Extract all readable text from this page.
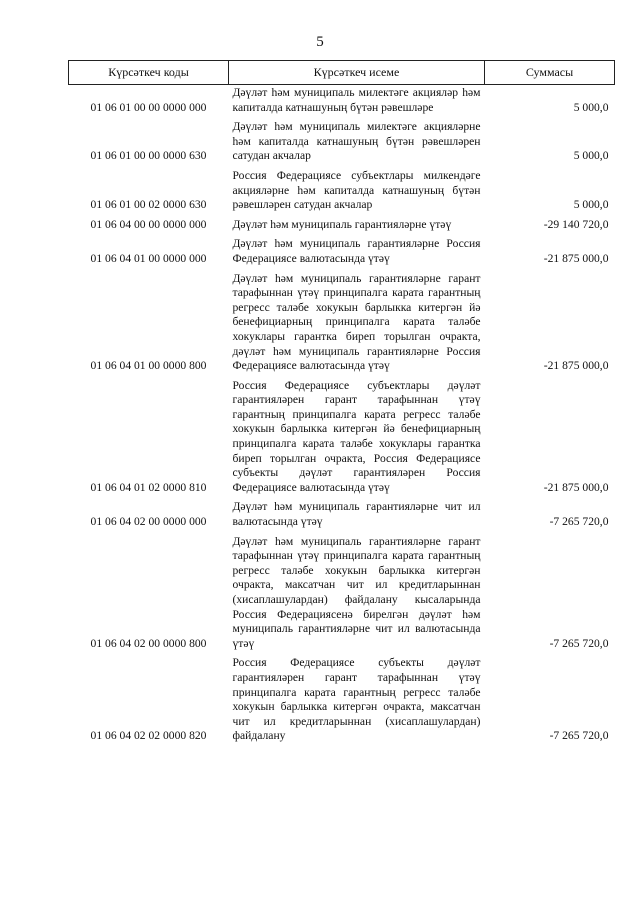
5
Күрсәткеч коды	Күрсәткеч исеме	Суммасы
01 06 01 00 00 0000 000	Дәүләт һәм муниципаль милектәге акцияләр һәм капиталда катнашуның бүтән рәвешләре	5 000,0
01 06 01 00 00 0000 630	Дәүләт һәм муниципаль милектәге акцияләрне һәм капиталда катнашуның бүтән рәвешләрен сатудан акчалар	5 000,0
01 06 01 00 02 0000 630	Россия Федерациясе субъектлары милкендәге акцияләрне һәм капиталда катнашуның бүтән рәвешләрен сатудан акчалар	5 000,0
01 06 04 00 00 0000 000	Дәүләт һәм муниципаль гарантияләрне үтәү	-29 140 720,0
01 06 04 01 00 0000 000	Дәүләт һәм муниципаль гарантияләрне Россия Федерациясе валютасында үтәү	-21 875 000,0
01 06 04 01 00 0000 800	Дәүләт һәм муниципаль гарантияләрне гарант тарафыннан үтәү принципалга карата гарантның регресс таләбе хокукын барлыкка китергән йә бенефициарның принципалга карата таләбе хокуклары гарантка биреп торылган очракта, дәүләт һәм муниципаль гарантияләрне Россия Федерациясе валютасында үтәү	-21 875 000,0
01 06 04 01 02 0000 810	Россия Федерациясе субъектлары дәүләт гарантияләрен гарант тарафыннан үтәү гарантның принципалга карата регресс таләбе хокукын барлыкка китергән йә бенефициарның принципалга карата таләбе хокуклары гарантка биреп торылган очракта, Россия Федерациясе субъекты дәүләт гарантияләрен Россия Федерациясе валютасында үтәү	-21 875 000,0
01 06 04 02 00 0000 000	Дәүләт һәм муниципаль гарантияләрне чит ил валютасында үтәү	-7 265 720,0
01 06 04 02 00 0000 800	Дәүләт һәм муниципаль гарантияләрне гарант тарафыннан үтәү принципалга карата гарантның регресс таләбе хокукын барлыкка китергән очракта, максатчан чит ил кредитларыннан (хисаплашулардан) файдалану кысаларында Россия Федерациясенә бирелгән дәүләт һәм муниципаль гарантияләрне чит ил валютасында үтәү	-7 265 720,0
01 06 04 02 02 0000 820	Россия Федерациясе субъекты дәүләт гарантияләрен гарант тарафыннан үтәү принципалга карата гарантның регресс таләбе хокукын барлыкка китергән очракта, максатчан чит ил кредитларыннан (хисаплашулардан) файдалану	-7 265 720,0
